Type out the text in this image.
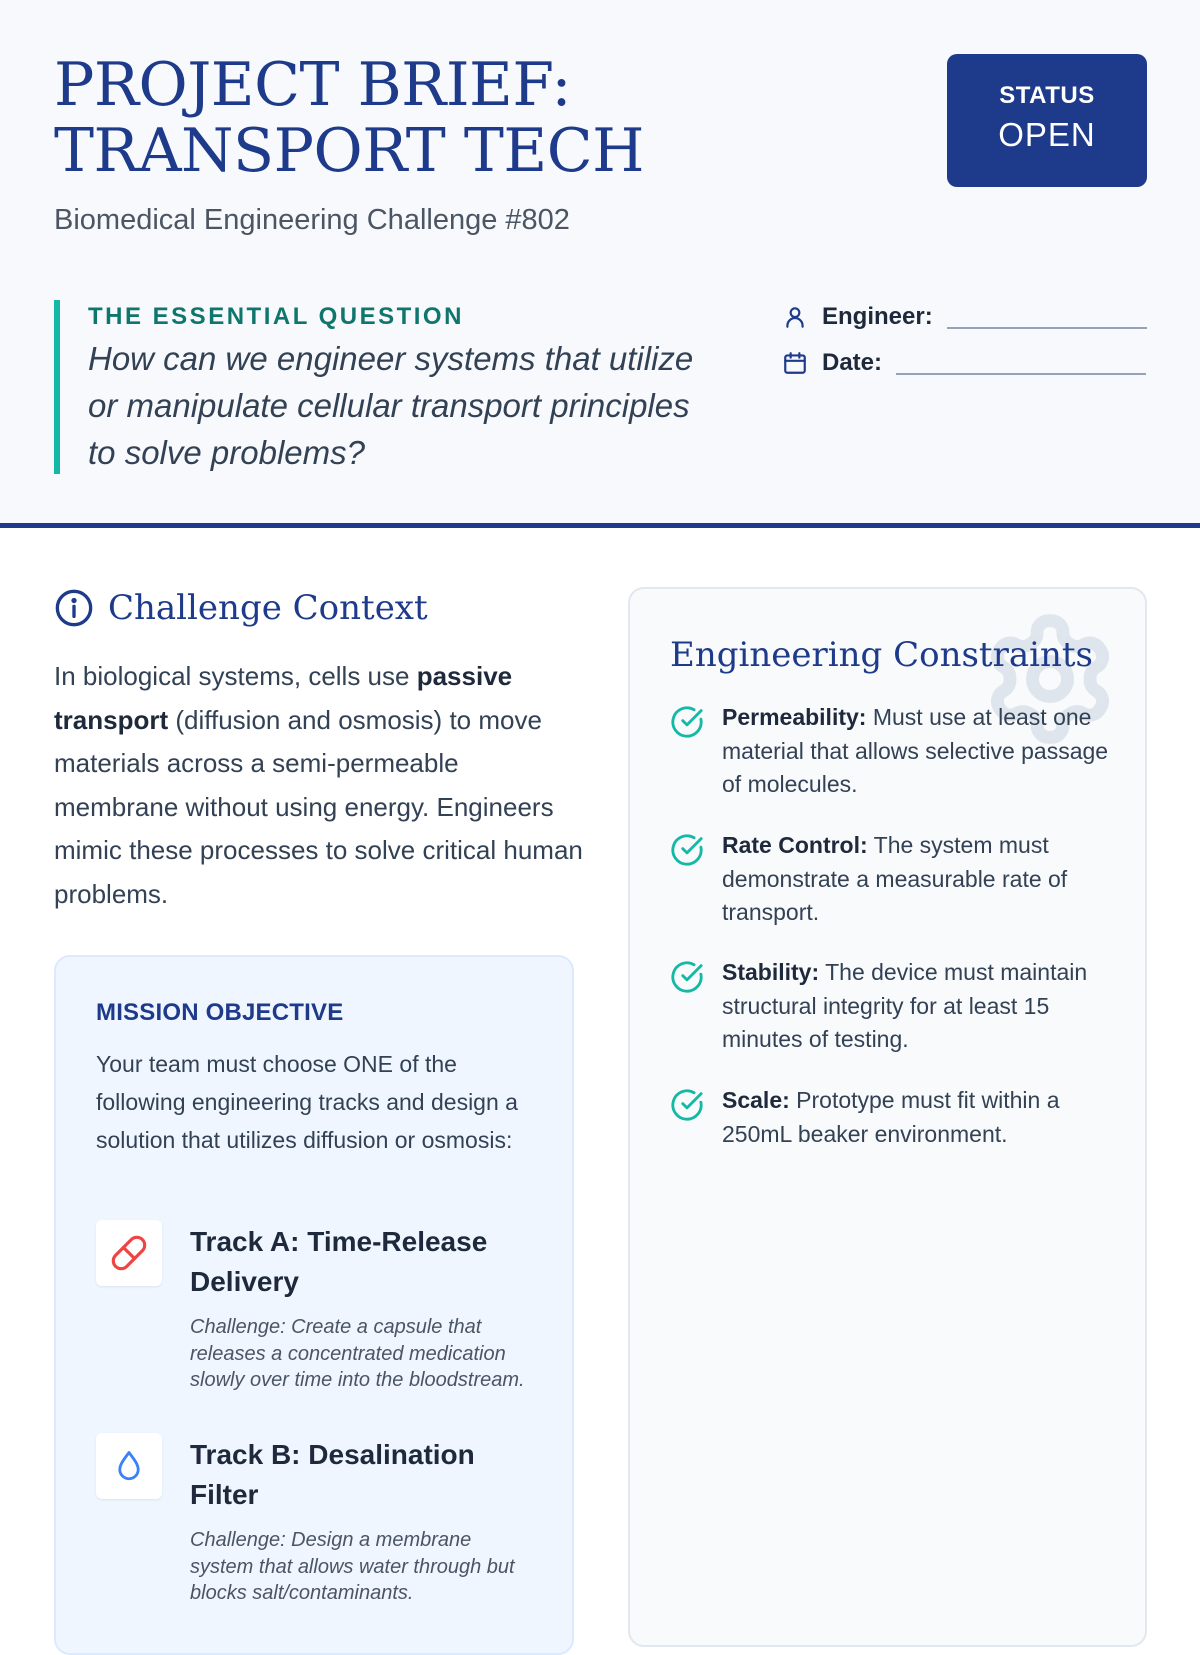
PROJECT BRIEF: TRANSPORT TECH
Biomedical Engineering Challenge #802
STATUS
OPEN
THE ESSENTIAL QUESTION
How can we engineer systems that utilize or manipulate cellular transport principles to solve problems?
Engineer:
Date:
Challenge Context
In biological systems, cells use passive transport (diffusion and osmosis) to move materials across a semi-permeable membrane without using energy. Engineers mimic these processes to solve critical human problems.
MISSION OBJECTIVE
Your team must choose ONE of the following engineering tracks and design a solution that utilizes diffusion or osmosis:
Track A: Time-Release Delivery
Challenge: Create a capsule that releases a concentrated medication slowly over time into the bloodstream.
Track B: Desalination Filter
Challenge: Design a membrane system that allows water through but blocks salt/contaminants.
Engineering Constraints
Permeability: Must use at least one material that allows selective passage of molecules.
Rate Control: The system must demonstrate a measurable rate of transport.
Stability: The device must maintain structural integrity for at least 15 minutes of testing.
Scale: Prototype must fit within a 250mL beaker environment.
